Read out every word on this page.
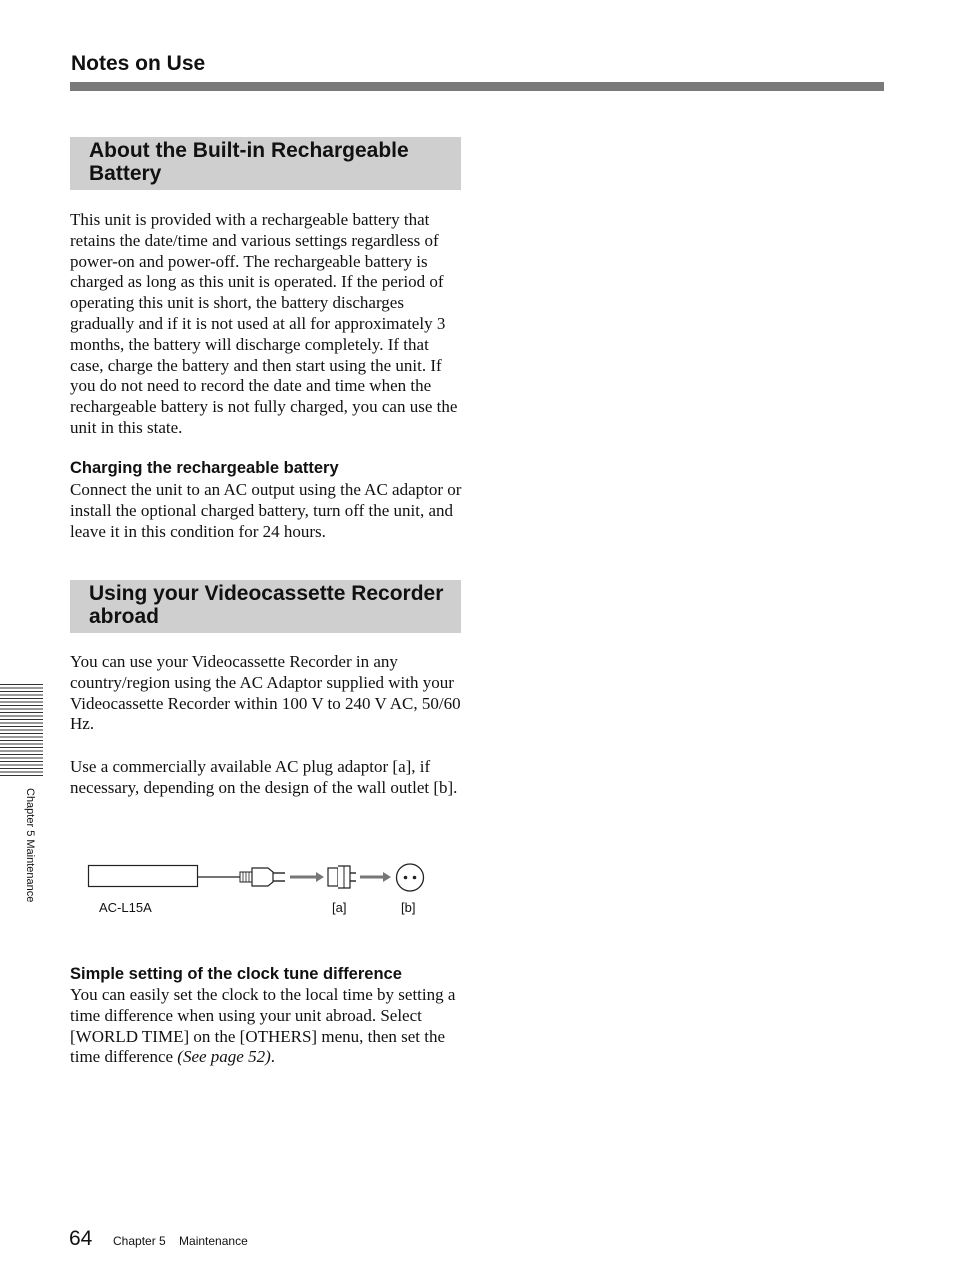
Notes on Use
About the Built-in Rechargeable Battery
This unit is provided with a rechargeable battery that retains the date/time and various settings regardless of power-on and power-off. The rechargeable battery is charged as long as this unit is operated. If the period of operating this unit is short, the battery discharges gradually and if it is not used at all for approximately 3 months, the battery will discharge completely. If that case, charge the battery and then start using the unit. If you do not need to record the date and time when the rechargeable battery is not fully charged, you can use the unit in this state.
Charging the rechargeable battery
Connect the unit to an AC output using the AC adaptor or install the optional charged battery, turn off the unit, and leave it in this condition for 24 hours.
Using your Videocassette Recorder abroad
You can use your Videocassette Recorder in any country/region using the AC Adaptor supplied with your Videocassette Recorder within 100 V to 240 V AC, 50/60 Hz.
Use a commercially available AC plug adaptor [a], if necessary, depending on the design of the wall outlet [b].
AC-L15A	[a]	[b]
Simple setting of the clock tune difference
You can easily set the clock to the local time by setting a time difference when using your unit abroad. Select [WORLD TIME] on the [OTHERS] menu, then set the time difference (See page 52).
Chapter 5 Maintenance
64 Chapter 5    Maintenance
